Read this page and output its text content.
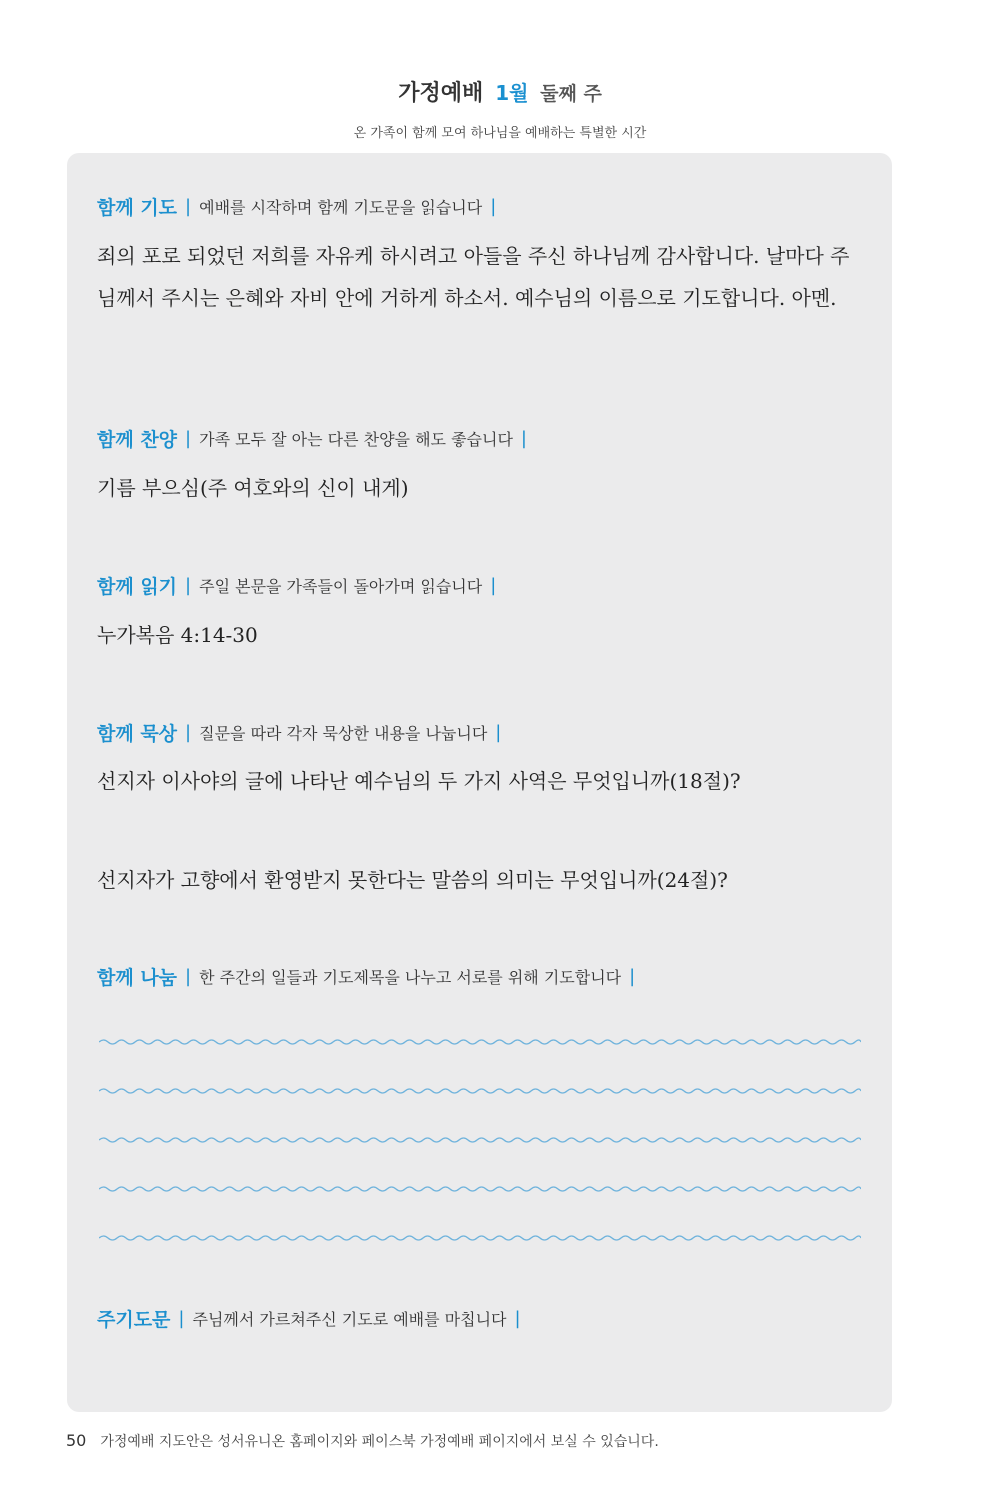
가정예배 1월 둘째 주
온 가족이 함께 모여 하나님을 예배하는 특별한 시간
함께 기도 | 예배를 시작하며 함께 기도문을 읽습니다 |
죄의 포로 되었던 저희를 자유케 하시려고 아들을 주신 하나님께 감사합니다. 날마다 주님께서 주시는 은혜와 자비 안에 거하게 하소서. 예수님의 이름으로 기도합니다. 아멘.
함께 찬양 | 가족 모두 잘 아는 다른 찬양을 해도 좋습니다 |
기름 부으심(주 여호와의 신이 내게)
함께 읽기 | 주일 본문을 가족들이 돌아가며 읽습니다 |
누가복음 4:14-30
함께 묵상 | 질문을 따라 각자 묵상한 내용을 나눕니다 |
선지자 이사야의 글에 나타난 예수님의 두 가지 사역은 무엇입니까(18절)?
선지자가 고향에서 환영받지 못한다는 말씀의 의미는 무엇입니까(24절)?
함께 나눔 | 한 주간의 일들과 기도제목을 나누고 서로를 위해 기도합니다 |
주기도문 | 주님께서 가르쳐주신 기도로 예배를 마칩니다 |
50 가정예배 지도안은 성서유니온 홈페이지와 페이스북 가정예배 페이지에서 보실 수 있습니다.
